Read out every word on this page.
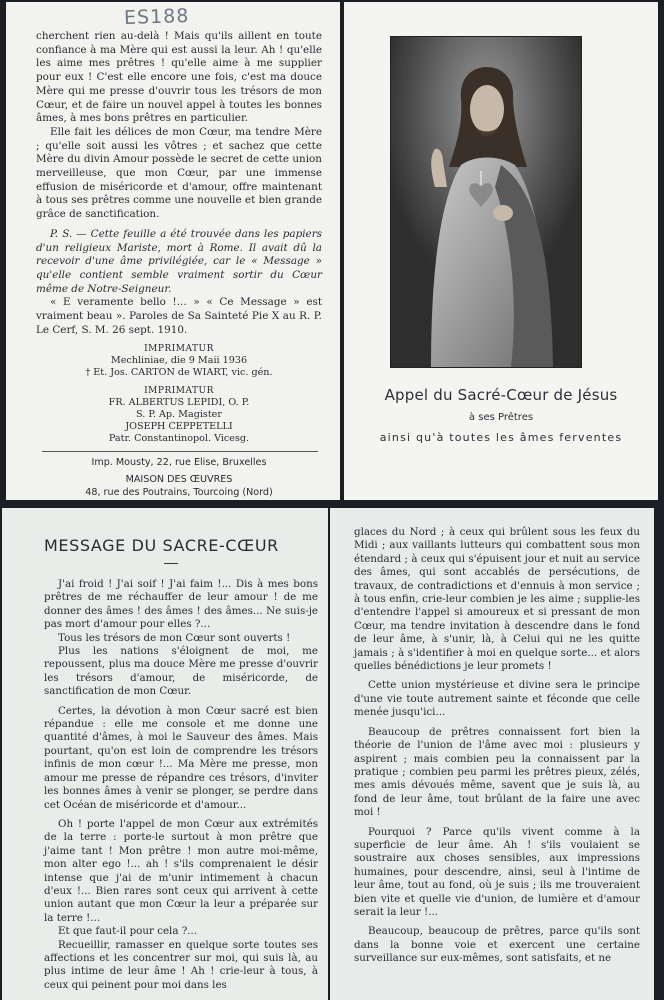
ES188

cherchent rien au-delà ! Mais qu'ils aillent en toute confiance à ma Mère qui est aussi la leur. Ah ! qu'elle les aime mes prêtres ! qu'elle aime à me supplier pour eux ! C'est elle encore une fois, c'est ma douce Mère qui me presse d'ouvrir tous les trésors de mon Cœur, et de faire un nouvel appel à toutes les bonnes âmes, à mes bons prêtres en particulier.

Elle fait les délices de mon Cœur, ma tendre Mère ; qu'elle soit aussi les vôtres ; et sachez que cette Mère du divin Amour possède le secret de cette union merveilleuse, que mon Cœur, par une immense effusion de miséricorde et d'amour, offre maintenant à tous ses prêtres comme une nouvelle et bien grande grâce de sanctification.

P. S. — Cette feuille a été trouvée dans les papiers d'un religieux Mariste, mort à Rome. Il avait dû la recevoir d'une âme privilégiée, car le « Message » qu'elle contient semble vraiment sortir du Cœur même de Notre-Seigneur.

« E veramente bello !... » « Ce Message » est vraiment beau ». Paroles de Sa Sainteté Pie X au R. P. Le Cerf, S. M. 26 sept. 1910.

IMPRIMATUR
Mechliniae, die 9 Maii 1936
† Et. Jos. CARTON de WIART, vic. gén.
IMPRIMATUR
FR. ALBERTUS LEPIDI, O. P.
S. P. Ap. Magister
JOSEPH CEPPETELLI
Patr. Constantinopol. Vicesg.
Imp. Mousty, 22, rue Elise, Bruxelles
MAISON DES ŒUVRES
48, rue des Poutrains, Tourcoing (Nord)
Appel du Sacré-Cœur de Jésus
à ses Prêtres
ainsi qu'à toutes les âmes ferventes
MESSAGE DU SACRE-CŒUR

J'ai froid ! J'ai soif ! J'ai faim !... Dis à mes bons prêtres de me réchauffer de leur amour ! de me donner des âmes ! des âmes ! des âmes... Ne suis-je pas mort d'amour pour elles ?...

Tous les trésors de mon Cœur sont ouverts !

Plus les nations s'éloignent de moi, me repoussent, plus ma douce Mère me presse d'ouvrir les trésors d'amour, de miséricorde, de sanctification de mon Cœur.

Certes, la dévotion à mon Cœur sacré est bien répandue : elle me console et me donne une quantité d'âmes, à moi le Sauveur des âmes. Mais pourtant, qu'on est loin de comprendre les trésors infinis de mon cœur !... Ma Mère me presse, mon amour me presse de répandre ces trésors, d'inviter les bonnes âmes à venir se plonger, se perdre dans cet Océan de miséricorde et d'amour...

Oh ! porte l'appel de mon Cœur aux extrémités de la terre : porte-le surtout à mon prêtre que j'aime tant ! Mon prêtre ! mon autre moi-même, mon alter ego !... ah ! s'ils comprenaient le désir intense que j'ai de m'unir intimement à chacun d'eux !... Bien rares sont ceux qui arrivent à cette union autant que mon Cœur la leur a préparée sur la terre !...

Et que faut-il pour cela ?...

Recueillir, ramasser en quelque sorte toutes ses affections et les concentrer sur moi, qui suis là, au plus intime de leur âme ! Ah ! crie-leur à tous, à ceux qui peinent pour moi dans les

glaces du Nord ; à ceux qui brûlent sous les feux du Midi ; aux vaillants lutteurs qui combattent sous mon étendard ; à ceux qui s'épuisent jour et nuit au service des âmes, qui sont accablés de persécutions, de travaux, de contradictions et d'ennuis à mon service ; à tous enfin, crie-leur combien je les aime ; supplie-les d'entendre l'appel si amoureux et si pressant de mon Cœur, ma tendre invitation à descendre dans le fond de leur âme, à s'unir, là, à Celui qui ne les quitte jamais ; à s'identifier à moi en quelque sorte... et alors quelles bénédictions je leur promets !

Cette union mystérieuse et divine sera le principe d'une vie toute autrement sainte et féconde que celle menée jusqu'ici...

Beaucoup de prêtres connaissent fort bien la théorie de l'union de l'âme avec moi : plusieurs y aspirent ; mais combien peu la connaissent par la pratique ; combien peu parmi les prêtres pieux, zélés, mes amis dévoués même, savent que je suis là, au fond de leur âme, tout brûlant de la faire une avec moi !

Pourquoi ? Parce qu'ils vivent comme à la superficie de leur âme. Ah ! s'ils voulaient se soustraire aux choses sensibles, aux impressions humaines, pour descendre, ainsi, seul à l'intime de leur âme, tout au fond, où je suis ; ils me trouveraient bien vite et quelle vie d'union, de lumière et d'amour serait la leur !...

Beaucoup, beaucoup de prêtres, parce qu'ils sont dans la bonne voie et exercent une certaine surveillance sur eux-mêmes, sont satisfaits, et ne
